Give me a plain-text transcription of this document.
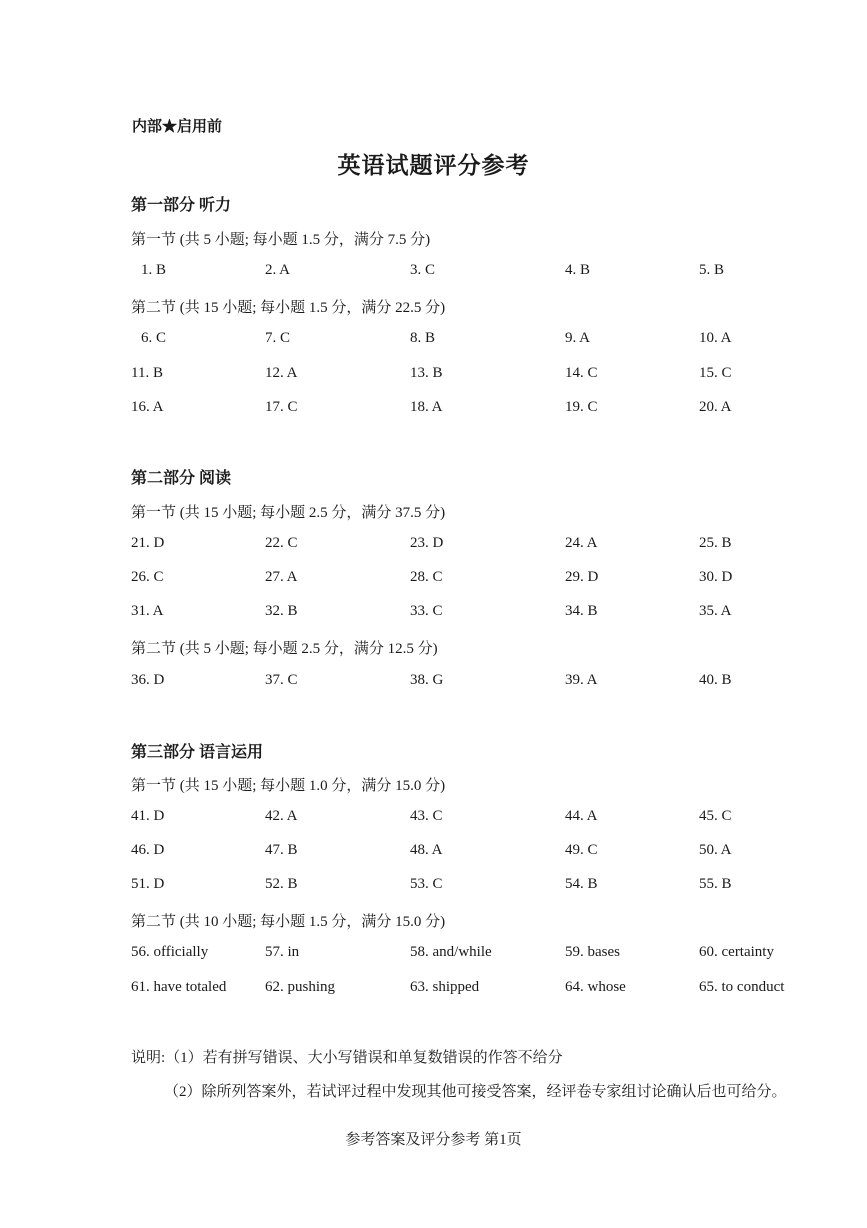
内部★启用前
英语试题评分参考
第一部分 听力
第一节 (共 5 小题; 每小题 1.5 分，满分 7.5 分)
1. B	2. A	3. C	4. B	5. B
第二节 (共 15 小题; 每小题 1.5 分，满分 22.5 分)
6. C	7. C	8. B	9. A	10. A
11. B	12. A	13. B	14. C	15. C
16. A	17. C	18. A	19. C	20. A
第二部分 阅读
第一节 (共 15 小题; 每小题 2.5 分，满分 37.5 分)
21. D	22. C	23. D	24. A	25. B
26. C	27. A	28. C	29. D	30. D
31. A	32. B	33. C	34. B	35. A
第二节 (共 5 小题; 每小题 2.5 分，满分 12.5 分)
36. D	37. C	38. G	39. A	40. B
第三部分 语言运用
第一节 (共 15 小题; 每小题 1.0 分，满分 15.0 分)
41. D	42. A	43. C	44. A	45. C
46. D	47. B	48. A	49. C	50. A
51. D	52. B	53. C	54. B	55. B
第二节 (共 10 小题; 每小题 1.5 分，满分 15.0 分)
56. officially	57. in	58. and/while	59. bases	60. certainty
61. have totaled	62. pushing	63. shipped	64. whose	65. to conduct
说明:（1）若有拼写错误、大小写错误和单复数错误的作答不给分
（2）除所列答案外，若试评过程中发现其他可接受答案，经评卷专家组讨论确认后也可给分。
参考答案及评分参考 第1页
